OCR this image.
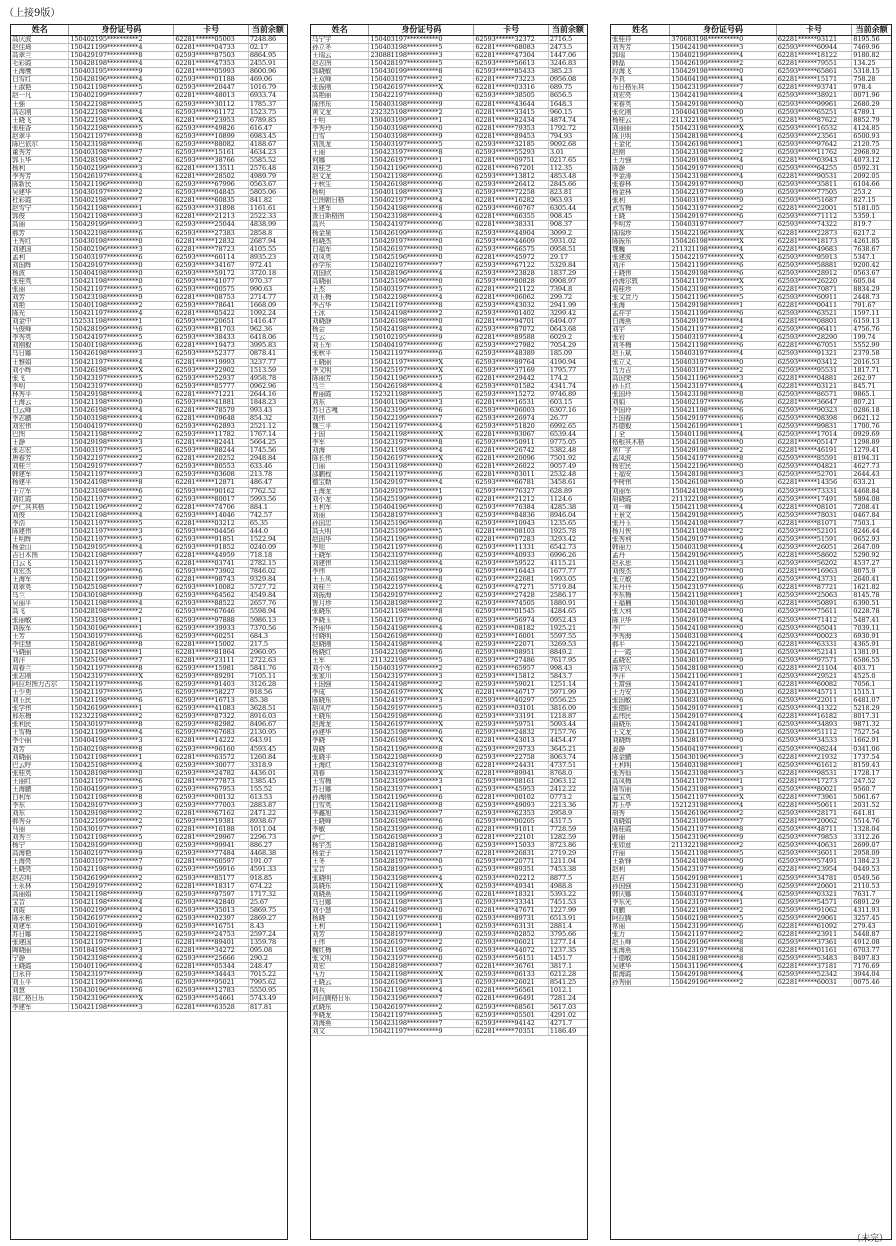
（上接9版）
姓名	身份证号码	卡号	当前余额
高庆波	150402195**********2	62281******05003	7248.86
赵佳琦	150421199**********4	62281******04733	02.17
高翠兰	150429197**********8	62593******87503	8864.95
毛彩霞	150428198**********4	62281******47353	2455.91
王海鹰	150403195**********9	62281******05993	8600.96
白雪红	150428196**********4	62593******01188	469.06
王淑艳	150421198**********5	62593******20447	1016.79
赵一凡	150402199**********7	62281******48013	6933.74
王强	150422198**********5	62593******30112	1785.37
高志刚	150422198**********4	62593******61172	1523.75
王晓飞	150422198**********X	62281******23953	6789.85
张桂香	150422198**********5	62593******49826	616.47
赵翠平	150421197**********8	62593******10899	6983.45
陈巴依尔	150423198**********6	62593******88082	4188.67
董秀芳	150403198**********7	62593******15161	4634.23
郭玉华	150428198**********2	62593******38766	5585.52
杨利	150402199**********3	62281******13511	2576.48
李秀芳	150426197**********4	62281******28502	4989.79
陈新民	150421196**********0	62593******67996	0563.67
吴建华	150430197**********2	62593******04845	5805.06
杜彩霞	150402198**********7	62281******60835	841.82
赵雪宁	150421198**********1	62593******31898	1161.61
郭俊	150421198**********3	62281******21213	2522.33
高丽	150429199**********3	62593******25044	4838.99
郝芳	150422198**********6	62593******27383	2858.8
王秀红	150430198**********0	62281******12832	2687.94
刘建国	150402196**********3	62281******78723	4105.55
孟利	150403197**********6	62593******60114	8935.23
刘国辉	150429197**********0	62593******34167	972.41
杨波	150404198**********0	62593******59172	3720.18
张桂英	150421198**********0	62593******41077	970.37
张丽	150421197**********5	62593******00575	990.63
刘芳	150423198**********9	62281******08753	2714.77
刘艳	150401198**********2	62593******78641	1668.09
陈光	150421197**********4	62281******05422	1092.24
刘金中	152531198**********1	62593******20651	1416.47
马俊峰	150428199**********6	62593******81703	962.36
李秀英	150424197**********5	62593******38433	6418.06
刘刚毅	150401198**********6	62281******19473	3995.83
乌日娜	150426198**********3	62593******52377	0878.41
王雅娟	150421197**********4	62281******19993	3237.77
刘小辉	150426198**********X	62593******22902	1513.59
张飞	150423197**********5	62593******52937	4958.78
李明	150423197**********0	62593******85777	0962.96
林秀平	150429198**********4	62281******71221	2644.16
王海云	150421198**********0	62593******41881	1848.23
白云峰	150426198**********4	62281******78579	993.43
李志鹏	150403198**********4	62281******09648	854.32
刘宏伟	150404197**********0	62593******62893	2521.12
巴图	150421198**********2	62593******11782	1767.14
王静	150429198**********3	62281******82441	5664.25
张志宏	150403197**********5	62593******88244	1745.56
唐春芳	150422197**********2	62281******20252	2948.84
刘桂兰	150429197**********7	62593******80553	633.46
韩建军	150421197**********3	62593******03608	213.78
杨建平	150424198**********8	62281******12871	486.47
于立军	150423198**********6	62593******90162	7762.52
刘红霞	150421197**********2	62593******80017	5993.56
萨仁其其格	150421196**********2	62281******74706	884.1
刘俊	150421198**********4	62593******14046	742.57
李浩	150421197**********5	62281******03212	65.35
陈建伟	150421197**********3	62593******04456	444.0
王明辉	150421197**********5	62593******91851	1522.94
杨金山	150429195**********4	62593******91852	0240.09
吉日木图	150421198**********7	62281******44959	718.18
白云飞	150421197**********5	62281******03741	2782.15
刘宏杰	150421199**********6	62593******73902	7846.02
王海军	150421199**********9	62281******98743	9329.84
刘翠英	150425198**********7	62593******10082	5727.72
乌兰	150430198**********9	62593******64562	4549.84
吴丽平	150421198**********4	62593******88522	2657.76
高飞	150428198**********2	62593******67646	5598.94
张丽敏	150423198**********1	62593******97888	5986.13
刘振军	150430196**********1	62593******39933	7370.56
王芳	150430197**********6	62593******60251	684.3
李佳慧	150428196**********8	62281******15002	217.5
马晓丽	150421198**********1	62281******81864	2960.95
刘洋	150425196**********7	62281******23111	2722.63
周春兰	150421197**********8	62593******15981	5841.76
张志刚	150423197**********X	62593******89291	7105.11
阿拉坦图力古尔	150421197**********6	62593******91403	3126.28
王少勇	150421197**********5	62593******58227	918.56
刘玉民	150421198**********6	62593******16713	85.38
张学伟	150426199**********1	62593******41083	3628.51
邢东梅	152322198**********2	62593******87322	8916.03
张利民	150430197**********8	62593******82982	8496.67
王雪梅	150421199**********4	62593******67683	2130.95
李小丽	150404198**********3	62281******14222	643.91
刘芳	150402198**********8	62593******96160	4593.45
刘晓丽	150421198**********1	62281******63572	1260.84
巴云呼	150425198**********4	62593******30077	3318.9
张桂英	150428198**********0	62593******24782	4436.01
王丽红	150421197**********6	62281******77873	1385.45
王海鹏	150404199**********3	62593******67953	155.52
白利军	150421198**********8	62593******00132	613.53
李东	150429197**********3	62593******77003	2883.87
刘东	150429198**********2	62281******67162	2471.22
郝秀芬	150422199**********2	62593******19381	8938.67
马丽	150430197**********7	62281******16188	1011.04
刘秀兰	150421198**********5	62281******29967	2296.73
杨宁	150429199**********0	62593******99941	886.27
高海艳	150402197**********9	62593******77484	4468.38
王海亮	150403197**********7	62281******60597	191.07
王晓亮	150421198**********9	62593******59916	4591.33
赵志明	150426199**********2	62593******85177	918.85
王永林	150429197**********2	62281******18317	674.22
高丽娟	150421198**********9	62593******97597	1717.32
宝音	150421198**********4	62593******42840	25.67
刘霞	150402199**********4	62593******35013	5869.75
陈永彬	150426197**********2	62593******02397	2869.27
刘建军	150430196**********9	62593******16751	8.43
苏日娜	150422198**********5	62593******24753	2597.24
张建国	150421197**********1	62281******89401	1359.78
陶晓丽	150184198**********3	62281******34272	095.08
宁静	150423198**********4	62593******25666	290.2
王晓霞	150401196**********4	62281******05344	248.47
白永祥	150423197**********9	62593******34443	7015.22
刘玉平	150421199**********6	62593******95021	7995.62
刘慧	150430196**********6	62593******12783	5550.95
那仁格日乐	150423196**********X	62593******54661	5743.49
李建军	150421198**********3	62281******63528	817.81
姓名	身份证号码	卡号	当前余额
乌宁宇	150403197**********0	62593******32372	2716.5
孙立冬	150403198**********5	62281******68083	2473.5
王瑞云	230881198**********3	62281******47304	1447.06
赵志图	150428197**********5	62593******56613	3246.83
郭晓敏	150430199**********8	62593******85433	385.23
王双峰	150403197**********2	62281******73223	0956.08
张振刚	150426197**********X	62281******03316	689.75
高艳丽	150422197**********0	62593******38505	8656.5
陈伟东	150403198**********9	62281******43644	1648.3
黄文龙	232325198**********2	62281******33415	960.15
于明	150403199**********1	62281******82434	4874.74
李秀玲	150403198**********0	62281******79353	1792.72
白雪	150403198**********9	62281******89453	794.93
刘凯龙	150403197**********5	62593******32185	9092.68
王丽	150423197**********8	62593******55293	3.01
何娜	150426197**********1	62281******09751	0217.65
刘桂芝	150421196**********0	62281******67201	112.35
赵文龙	150421198**********6	62593******13812	4853.48
于秋生	150426198**********6	62593******26412	2845.66
杨明	150401198**********3	62593******72258	823.81
巴图朝日格	150402197**********4	62281******16282	963.93
王建军	150424198**********8	62593******60767	6305.44
查日斯格图	150423198**********4	62281******66355	908.45
高兴	150424197**********6	62281******38331	908.37
杨金泉	150426199**********6	62593******44904	3099.2
邢晓杰	150429197**********0	62593******44609	5931.02
白福军	150426197**********0	62593******66575	0958.51
刘凤英	150425196**********0	62281******45972	29.17
孙学东	150402197**********7	62593******67122	5329.84
刘国欣	150428196**********4	62593******23828	1837.29
高晓丽	150425196**********0	62593******80828	0908.97
王杰	150403197**********5	62281******21122	7394.8
刘玉梅	150422198**********4	62281******06062	299.72
李占华	150421197**********8	62593******43032	2941.99
王冰	150424198**********2	62593******01402	3299.42
刘晓静	150426198**********0	62281******94701	6494.07
杨会	150424198**********4	62593******87072	0643.68
乌云	150102195**********9	62281******89588	6029.2
刘玉军	150404197**********6	62593******27982	7054.29
张秋平	150421197**********6	62593******48389	185.09
王晓丽	150421197**********X	62593******89764	4190.94
李文明	150425197**********X	62593******37169	1795.77
陈丽芳	150421196**********5	62281******29442	174.2
乌兰	150426198**********4	62593******01582	4341.74
曹丽霞	152321198**********5	62593******15272	9746.89
刘东	150401196**********3	62281******16531	603.15
苏日古嘎	150423199**********6	62593******06003	6307.16
刘伟	150422199**********7	62593******26974	26.77
魏三平	150421197**********4	62593******51820	6992.65
于国	150421198**********X	62281******93067	6539.44
李军	150423197**********8	62593******50911	9775.05
刘海	150421198**********4	62281******26742	5382.48
陈长伟	150426197**********X	62281******20096	7501.92
白丽	150431198**********0	62281******26022	9057.49
邵鹏程	150421197**********6	62281******03011	2532.48
德宝勒	150429197**********4	62593******66781	3458.61
王海龙	150429197**********1	62593******76327	628.89
刘小龙	150425199**********9	62281******21212	1124.6
王利军	150404196**********0	62593******76384	4285.38
刘丽	150428197**********3	62593******84836	8946.04
孙国忠	150425196**********6	62593******10943	1235.65
高天明	150425199**********5	62281******08103	1925.78
赵国华	150421196**********0	62281******07283	3293.42
李旭	150421197**********6	62593******11331	6542.73
王晓军	150423197**********6	62593******40933	6996.26
刘建伟	150423198**********4	62593******59522	4115.21
李伟	150423197**********9	62593******16443	1677.77
王玉凤	150426198**********8	62593******22681	1993.05
刘桂兰	150422197**********4	62593******47271	5719.84
刘振海	150429197**********2	62593******27428	2586.17
鲁月珍	150428198**********2	62593******74505	1880.91
张晓东	150421198**********8	62593******01545	4284.65
李晓玉	150421197**********6	62593******56974	0952.43
齐丽华	150424198**********4	62593******08182	1925.21
付晓明	150426198**********0	62593******16001	5597.55
赵晓刚	150424198**********4	62593******22071	3269.53
杨晓红	150422198**********6	62593******08951	8849.2
王军	211322198**********5	62593******27486	7617.95
刘小军	150403197**********2	62593******65957	998.43
张家川	150423197**********3	62593******15812	5843.7
王国强	150424198**********2	62593******59021	1251.14
李成	150426197**********X	62281******46717	5971.99
陈晓东	150424197**********3	62593******40297	0556.25
胡凤芹	150429197**********5	62593******03101	3816.09
王晓东	150429198**********6	62593******33191	1218.87
赵海龙	150426197**********X	62593******59751	5093.44
孙建华	150425198**********6	62593******24832	7157.76
李晓	150426198**********X	62281******43013	4454.47
周晓	150421196**********8	62593******29733	3645.21
张晓平	150422198**********9	62593******22758	8063.74
王海红	150423197**********8	62281******24431	4737.51
刘春	150423197**********X	62281******89941	8768.0
王雪梅	150423199**********3	62593******08161	2063.12
苏日娜	150423197**********1	62593******45953	2412.22
孙海刚	150421196**********6	62281******00102	0773.2
白雪英	150421198**********8	62593******49093	2213.36
李鑫旭	150423196**********7	62593******62353	2958.9
王晓峰	150426198**********6	62593******00205	4317.5
李敏	150423199**********6	62281******91011	7728.59
萨仁	150426198**********3	62281******22101	1282.59
杨宇杰	150428198**********6	62593******15033	8723.86
杨金子	150421197**********7	62281******26831	2719.29
王冬	150428197**********0	62593******20771	1211.04
宝音	150428199**********5	62593******89351	7453.38
张晓明	150423198**********4	62593******02212	8877.5
高晓东	150421198**********X	62593******49341	4988.8
刘晓燕	150421199**********6	62281******18321	5393.22
乌日娜	150421198**********3	62593******33341	7451.53
刘小慧	150424198**********0	62281******47671	1227.99
杨晓	150421197**********8	62593******89731	6513.91
王利	150421196**********1	62593******63131	2881.4
刘芳	150428197**********9	62593******02852	3795.66
王伟	150426197**********2	62593******06021	1277.14
鞠红梅	150421198**********6	62593******44072	1237.35
张文明	150423197**********0	62593******56151	1451.7
刘宏	150428198**********7	62281******36761	3817.1
马力	150421198**********X	62593******06133	6212.28
王晓云	150426196**********3	62593******26021	8541.25
刘兵	150421198**********4	62281******56561	1012.1
阿拉腾格日乐	150423196**********7	62281******96491	7281.24
武晓东	150426197**********2	62593******68561	5617.03
李晓龙	150421197**********5	62593******05501	4291.02
刘海燕	150423198**********7	62593******94142	4271.7
刘文	150421197**********9	62281******70351	1186.49
姓名	身份证号码	卡号	当前余额
张桂祥	370683198**********0	62281******93121	8195.56
刘秀芳	150424198**********3	62593******60944	7469.96
郭瑞	150402199**********4	62281******18122	9180.82
韩磊	150426199**********2	62281******79551	134.25
段海飞	150429198**********0	62593******65861	5318.15
李真	150404198**********4	62281******15171	758.28
布日格乐其	150423199**********7	62281******93741	978.4
刘宏亮	150424198**********4	62593******38921	0071.96
宋春英	150429198**********0	62593******99961	2680.29
张化刚	150404198**********0	62593******65251	4789.1
杨桂云	211322198**********5	62281******87622	8852.79
刘丽丽	150423198**********X	62593******16532	4124.85
陈卫明	150428198**********4	62593******23561	6500.93
王金化	150426198**********1	62593******97642	2120.75
赵刚	150423198**********2	62593******11762	2968.92
王力强	150429198**********4	62281******03943	4073.12
陈静	150429197**********0	62593******64255	0592.31
李金涛	150423198**********4	62281******90531	2092.05
张春林	150429197**********0	62593******35811	6104.66
杨金林	150422197**********9	62593******77505	253.2
张利	150403197**********9	62593******51687	827.15
武雪梅	150423197**********2	62281******22001	5181.05
王晓	150429197**********6	62593******71112	5359.1
李明芳	150403197**********7	62593******74322	819.7
陈瑞珍	150422196**********X	62281******22873	6217.2
陈振东	150426198**********X	62281******18173	4261.85
魏巍	211321198**********4	62281******49683	7638.67
张建波	150422197**********X	62593******95913	5347.1
刘洋	150421199**********6	62593******58881	9200.42
王晓伟	150429198**********6	62593******28912	0563.67
孙海尔敦	150421197**********X	62593******26220	605.04
周桂珍	150423198**********5	62281******70871	8834.29
张文贵乃	150421196**********5	62593******60911	2448.73
张海	150429198**********1	62281******00411	791.67
孟祥宇	150421199**********6	62593******63521	1597.11
白海燕	150429197**********4	62281******08801	6159.13
刘宇	150421197**********2	62593******96411	4756.76
张岩	150403197**********4	62593******28290	199.74
刘冬梅	150421198**********6	62281******67051	5552.99
赵玉斌	150403197**********4	62593******91321	2379.58
张立义	150403197**********0	62593******03412	2016.53
乌力吉	150403197**********2	62593******95531	1817.71
高国荣	150421196**********3	62281******04881	262.97
孙玉红	150423197**********4	62281******03121	845.71
张国玲	150423198**********8	62593******86571	9865.1
刘娟	150402197**********6	62281******36647	807.21
李国玲	150421198**********6	62593******90323	0286.18
王国春	150429197**********6	62593******08398	0621.12
苏德毅	150426199**********1	62593******99831	1700.76
丁全	150401198**********4	62593******17014	0929.69
格根其木格	150424198**********0	62281******05147	1298.89
常广字	150429198**********2	62281******46191	1279.41
孟凤波	150424197**********8	62593******85591	8194.31
杨宏民	150422196**********0	62593******04821	4627.73
王福安	150428198**********3	62593******52701	2644.43
李树伟	150426198**********0	62281******14356	633.21
刘丽军	150424198**********9	62593******73331	4468.84
胡晓霞	211322198**********5	62593******17491	5894.08
刘一峰	150421198**********4	62281******08101	7208.41
王景文	150429198**********5	62593******78031	0467.84
张丹玉	150424198**********7	62281******81071	7503.1
杨月侠	150421198**********2	62593******52101	8246.44
张秀利	150429197**********9	62593******51591	0652.93
韩丽力	150403198**********4	62593******26051	2647.09
孟丹	150429196**********5	62281******58602	5290.92
赵永思	150421198**********3	62593******56202	4537.27
刘俊杰	150423197**********0	62281******16963	8075.9
张立敏	150422199**********9	62593******43731	2640.41
朱丹丹	150423197**********6	62281******87721	1621.82
李东梅	150421198**********1	62593******25063	8145.78
王福楠	150430198**********0	62281******50891	6390.51
张大利	150424198**********0	62593******75611	0228.78
陈卫华	150429197**********4	62593******71412	5487.41
李广	150424198**********0	62593******65041	7039.11
李秀海	150403198**********4	62593******00023	6930.91
郝平	150422196**********0	62281******63331	4365.91
于一霞	150424197**********1	62593******52141	1381.91
孟晓宏	150430197**********9	62593******97571	6586.55
陈宇庆	150428198**********0	62281******21104	403.71
李洋	150421196**********1	62593******29521	4525.0
王富强	150424197**********1	62281******60082	7056.1
王力安	150423197**********0	62281******45711	1515.1
张国敏	150403198**********6	62593******22011	6481.07
张德阳	150429197**********1	62593******41322	5218.29
孟伟民	150429197**********4	62281******16182	8017.31
曲晓东	150424198**********1	62593******34893	9871.32
王文龙	150421197**********9	62593******51112	7527.54
刘晓辉	150428197**********0	62593******34533	1662.91
姜静	150404197**********1	62593******08244	0341.06
陈金鹏	150430196**********3	62281******21932	1737.54
王利明	150403198**********1	62593******61612	8159.43
张秀仙	150423198**********3	62281******98531	1728.17
高凤梅	150421197**********1	62281******17273	247.52
陈雪丽	150423198**********3	62593******80021	9560.7
温宝英	150421197**********X	62281******73961	5061.67
苏玉亭	152123198**********4	62281******50611	2031.52
胡秀	150426196**********2	62593******28171	641.81
刘晓娟	150423199**********7	62281******20062	5514.76
陈桂霞	150421197**********8	62593******48711	1328.04
韩丽	150423196**********9	62593******79853	3312.26
张如意	211322198**********2	62593******40631	2699.07
许丽	150421198**********5	62593******36011	2958.09
王新锋	150424198**********0	62593******57491	1384.23
赵利	150423197**********9	62281******23954	0449.53
赵君	150429198**********1	62593******34781	0549.56
孙国强	150423198**********0	62593******20601	2110.53
韩庆娜	150403197**********4	62593******03321	7631.7
李东光	150423197**********1	62593******54571	6891.29
刘鹏	150422198**********2	62593******91062	4311.93
阿拉腾	150402198**********5	62593******29061	3257.45
常丽	150423199**********6	62281******61092	279.43
张力	150421197**********2	62281******23911	5448.87
赵玉峰	150429196**********8	62593******37361	4912.08
张海燕	150423197**********8	62281******01161	6703.77
于德敏	150428198**********8	62593******53483	8497.83
吴建华	150431196**********4	62281******37181	7176.69
崔海霞	150429198**********4	62593******52342	3944.04
孙秀丽	150429196**********2	62281******60031	0075.46
（未完）
